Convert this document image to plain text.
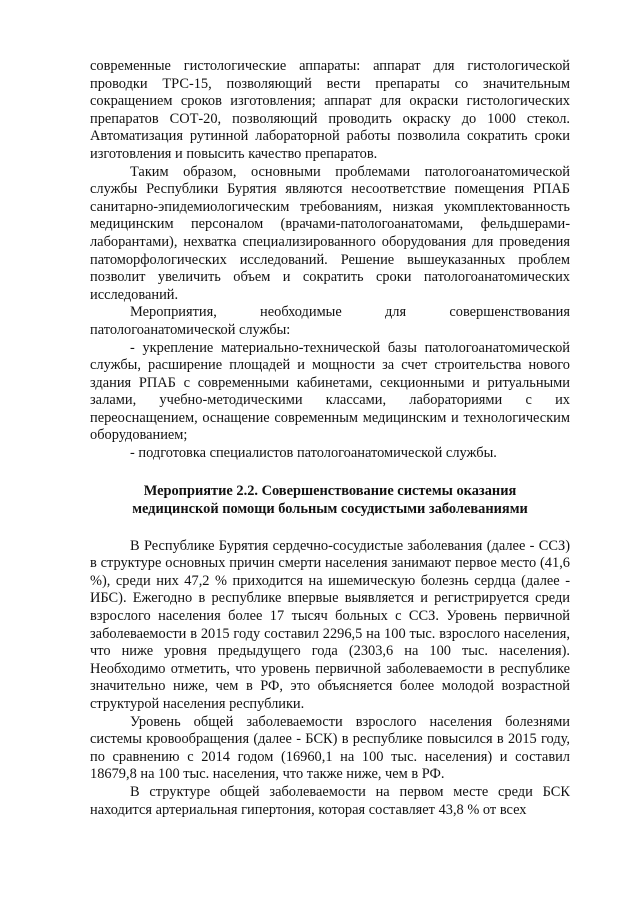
современные гистологические аппараты: аппарат для гистологической проводки ТРС-15, позволяющий вести препараты со значительным сокращением сроков изготовления; аппарат для окраски гистологических препаратов СОТ-20, позволяющий проводить окраску до 1000 стекол. Автоматизация рутинной лабораторной работы позволила сократить сроки изготовления и повысить качество препаратов.

Таким образом, основными проблемами патологоанатомической службы Республики Бурятия являются несоответствие помещения РПАБ санитарно-эпидемиологическим требованиям, низкая укомплектованность медицинским персоналом (врачами-патологоанатомами, фельдшерами-лаборантами), нехватка специализированного оборудования для проведения патоморфологических исследований. Решение вышеуказанных проблем позволит увеличить объем и сократить сроки патологоанатомических исследований.

Мероприятия, необходимые для совершенствования патологоанатомической службы:

- укрепление материально-технической базы патологоанатомической службы, расширение площадей и мощности за счет строительства нового здания РПАБ с современными кабинетами, секционными и ритуальными залами, учебно-методическими классами, лабораториями с их переоснащением, оснащение современным медицинским и технологическим оборудованием;

- подготовка специалистов патологоанатомической службы.

Мероприятие 2.2. Совершенствование системы оказания

медицинской помощи больным сосудистыми заболеваниями

В Республике Бурятия сердечно-сосудистые заболевания (далее - ССЗ) в структуре основных причин смерти населения занимают первое место (41,6 %), среди них 47,2 % приходится на ишемическую болезнь сердца (далее - ИБС). Ежегодно в республике впервые выявляется и регистрируется среди взрослого населения более 17 тысяч больных с ССЗ. Уровень первичной заболеваемости в 2015 году составил 2296,5 на 100 тыс. взрослого населения, что ниже уровня предыдущего года (2303,6 на 100 тыс. населения). Необходимо отметить, что уровень первичной заболеваемости в республике значительно ниже, чем в РФ, это объясняется более молодой возрастной структурой населения республики.

Уровень общей заболеваемости взрослого населения болезнями системы кровообращения (далее - БСК) в республике повысился в 2015 году, по сравнению с 2014 годом (16960,1 на 100 тыс. населения) и составил 18679,8 на 100 тыс. населения, что также ниже, чем в РФ.

В структуре общей заболеваемости на первом месте среди БСК находится артериальная гипертония, которая составляет 43,8 % от всех
